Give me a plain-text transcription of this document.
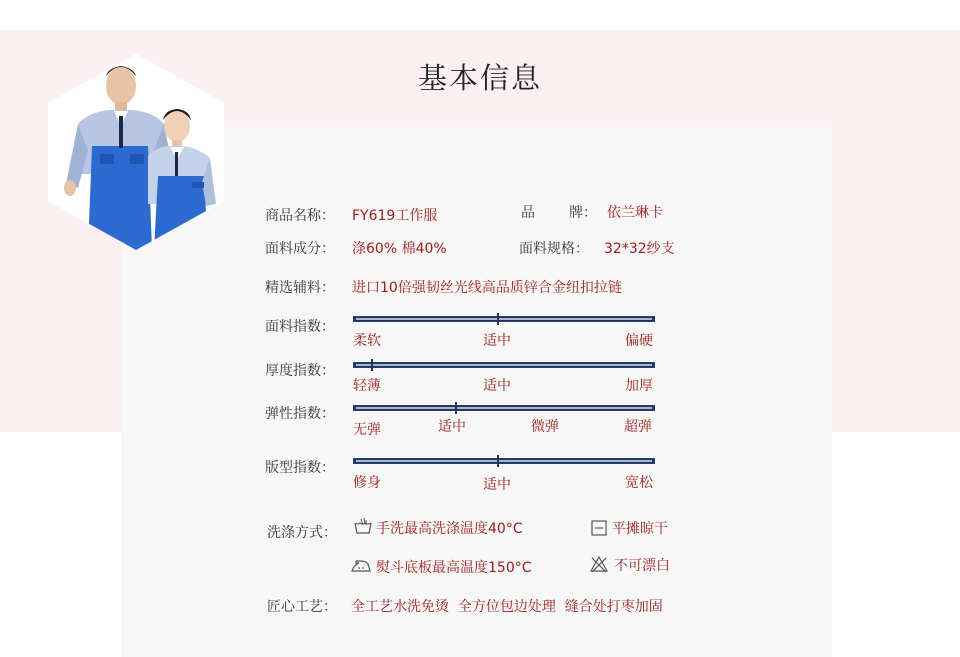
基本信息
商品名称： FY619工作服	品 牌： 依兰琳卡
面料成分： 涤60% 棉40%	面料规格： 32*32纱支
精选辅料： 进口10倍强韧丝光线高品质锌合金纽扣拉链
面料指数：
柔软	适中	偏硬
厚度指数：
轻薄	适中	加厚
弹性指数：
无弹	适中	微弹	超弹
版型指数：
修身	适中	宽松
洗涤方式：	手洗最高洗涤温度40°C	平摊晾干
熨斗底板最高温度150°C	不可漂白
匠心工艺： 全工艺水洗免烫  全方位包边处理  缝合处打枣加固
